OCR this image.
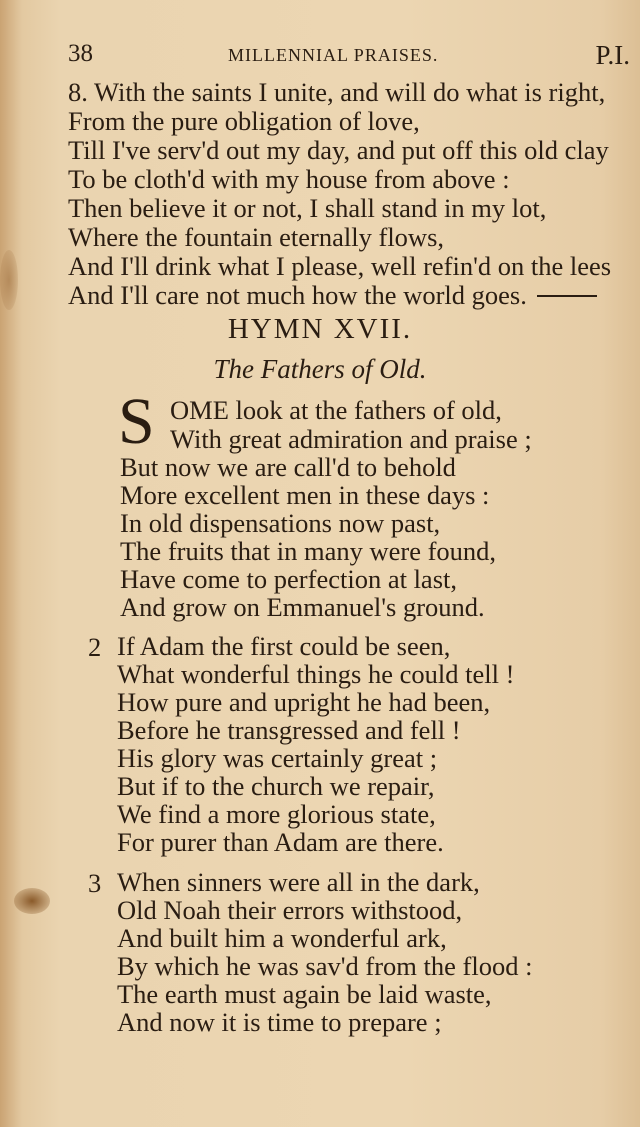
38	MILLENNIAL PRAISES.	P.I.
8. With the saints I unite, and will do what is right,
From the pure obligation of love,
Till I've serv'd out my day, and put off this old clay
To be cloth'd with my house from above :
Then believe it or not, I shall stand in my lot,
Where the fountain eternally flows,
And I'll drink what I please, well refin'd on the lees
And I'll care not much how the world goes.
HYMN XVII.
The Fathers of Old.
S OME look at the fathers of old,
With great admiration and praise ;
But now we are call'd to behold
More excellent men in these days :
In old dispensations now past,
The fruits that in many were found,
Have come to perfection at last,
And grow on Emmanuel's ground.
2 If Adam the first could be seen,
What wonderful things he could tell !
How pure and upright he had been,
Before he transgressed and fell !
His glory was certainly great ;
But if to the church we repair,
We find a more glorious state,
For purer than Adam are there.
3 When sinners were all in the dark,
Old Noah their errors withstood,
And built him a wonderful ark,
By which he was sav'd from the flood :
The earth must again be laid waste,
And now it is time to prepare ;
